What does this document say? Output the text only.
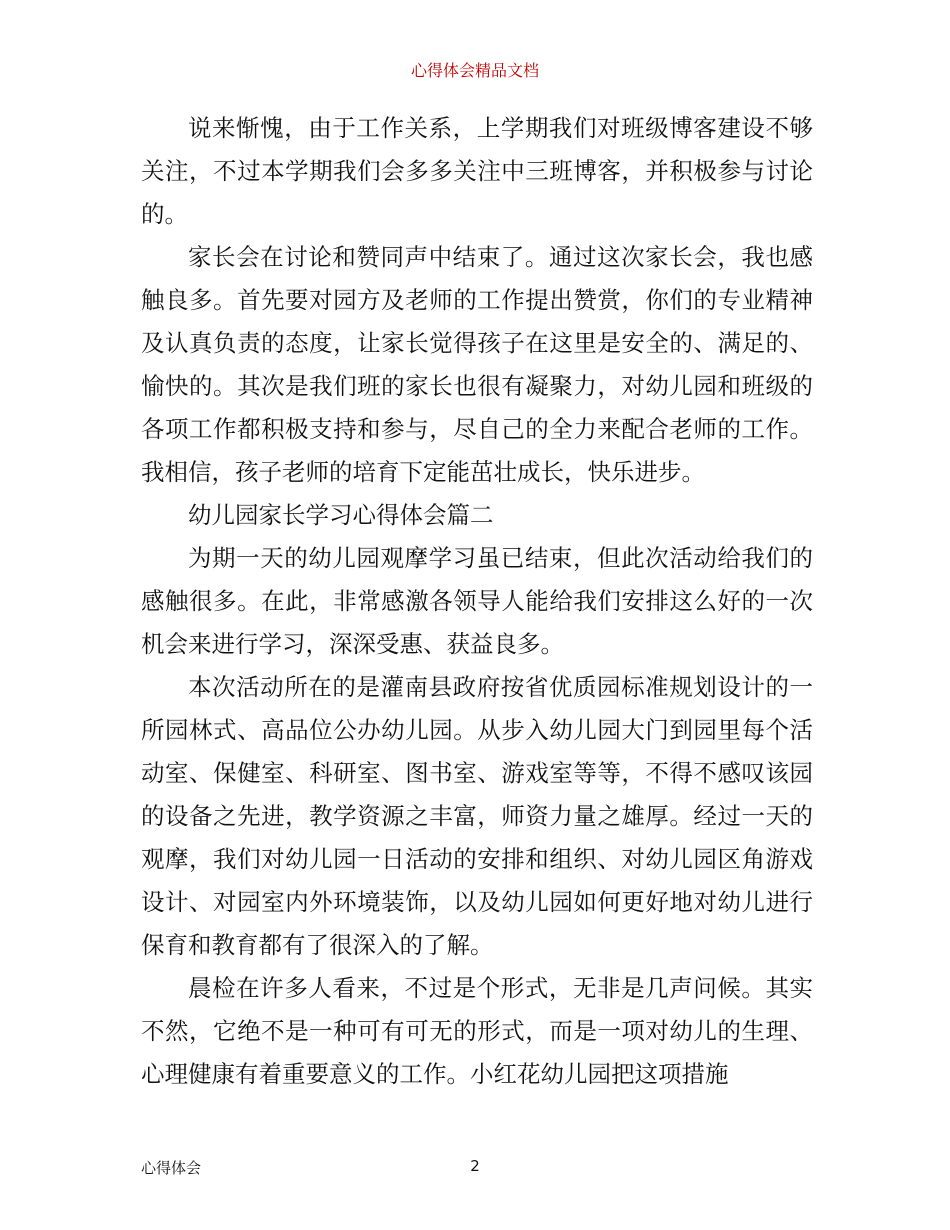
心得体会精品文档

说来惭愧，由于工作关系，上学期我们对班级博客建设不够关注，不过本学期我们会多多关注中三班博客，并积极参与讨论的。

家长会在讨论和赞同声中结束了。通过这次家长会，我也感触良多。首先要对园方及老师的工作提出赞赏，你们的专业精神及认真负责的态度，让家长觉得孩子在这里是安全的、满足的、愉快的。其次是我们班的家长也很有凝聚力，对幼儿园和班级的各项工作都积极支持和参与，尽自己的全力来配合老师的工作。我相信，孩子老师的培育下定能茁壮成长，快乐进步。

幼儿园家长学习心得体会篇二

为期一天的幼儿园观摩学习虽已结束，但此次活动给我们的感触很多。在此，非常感激各领导人能给我们安排这么好的一次机会来进行学习，深深受惠、获益良多。

本次活动所在的是灌南县政府按省优质园标准规划设计的一所园林式、高品位公办幼儿园。从步入幼儿园大门到园里每个活动室、保健室、科研室、图书室、游戏室等等，不得不感叹该园的设备之先进，教学资源之丰富，师资力量之雄厚。经过一天的观摩，我们对幼儿园一日活动的安排和组织、对幼儿园区角游戏设计、对园室内外环境装饰，以及幼儿园如何更好地对幼儿进行保育和教育都有了很深入的了解。

晨检在许多人看来，不过是个形式，无非是几声问候。其实不然，它绝不是一种可有可无的形式，而是一项对幼儿的生理、心理健康有着重要意义的工作。小红花幼儿园把这项措施

心得体会	2
